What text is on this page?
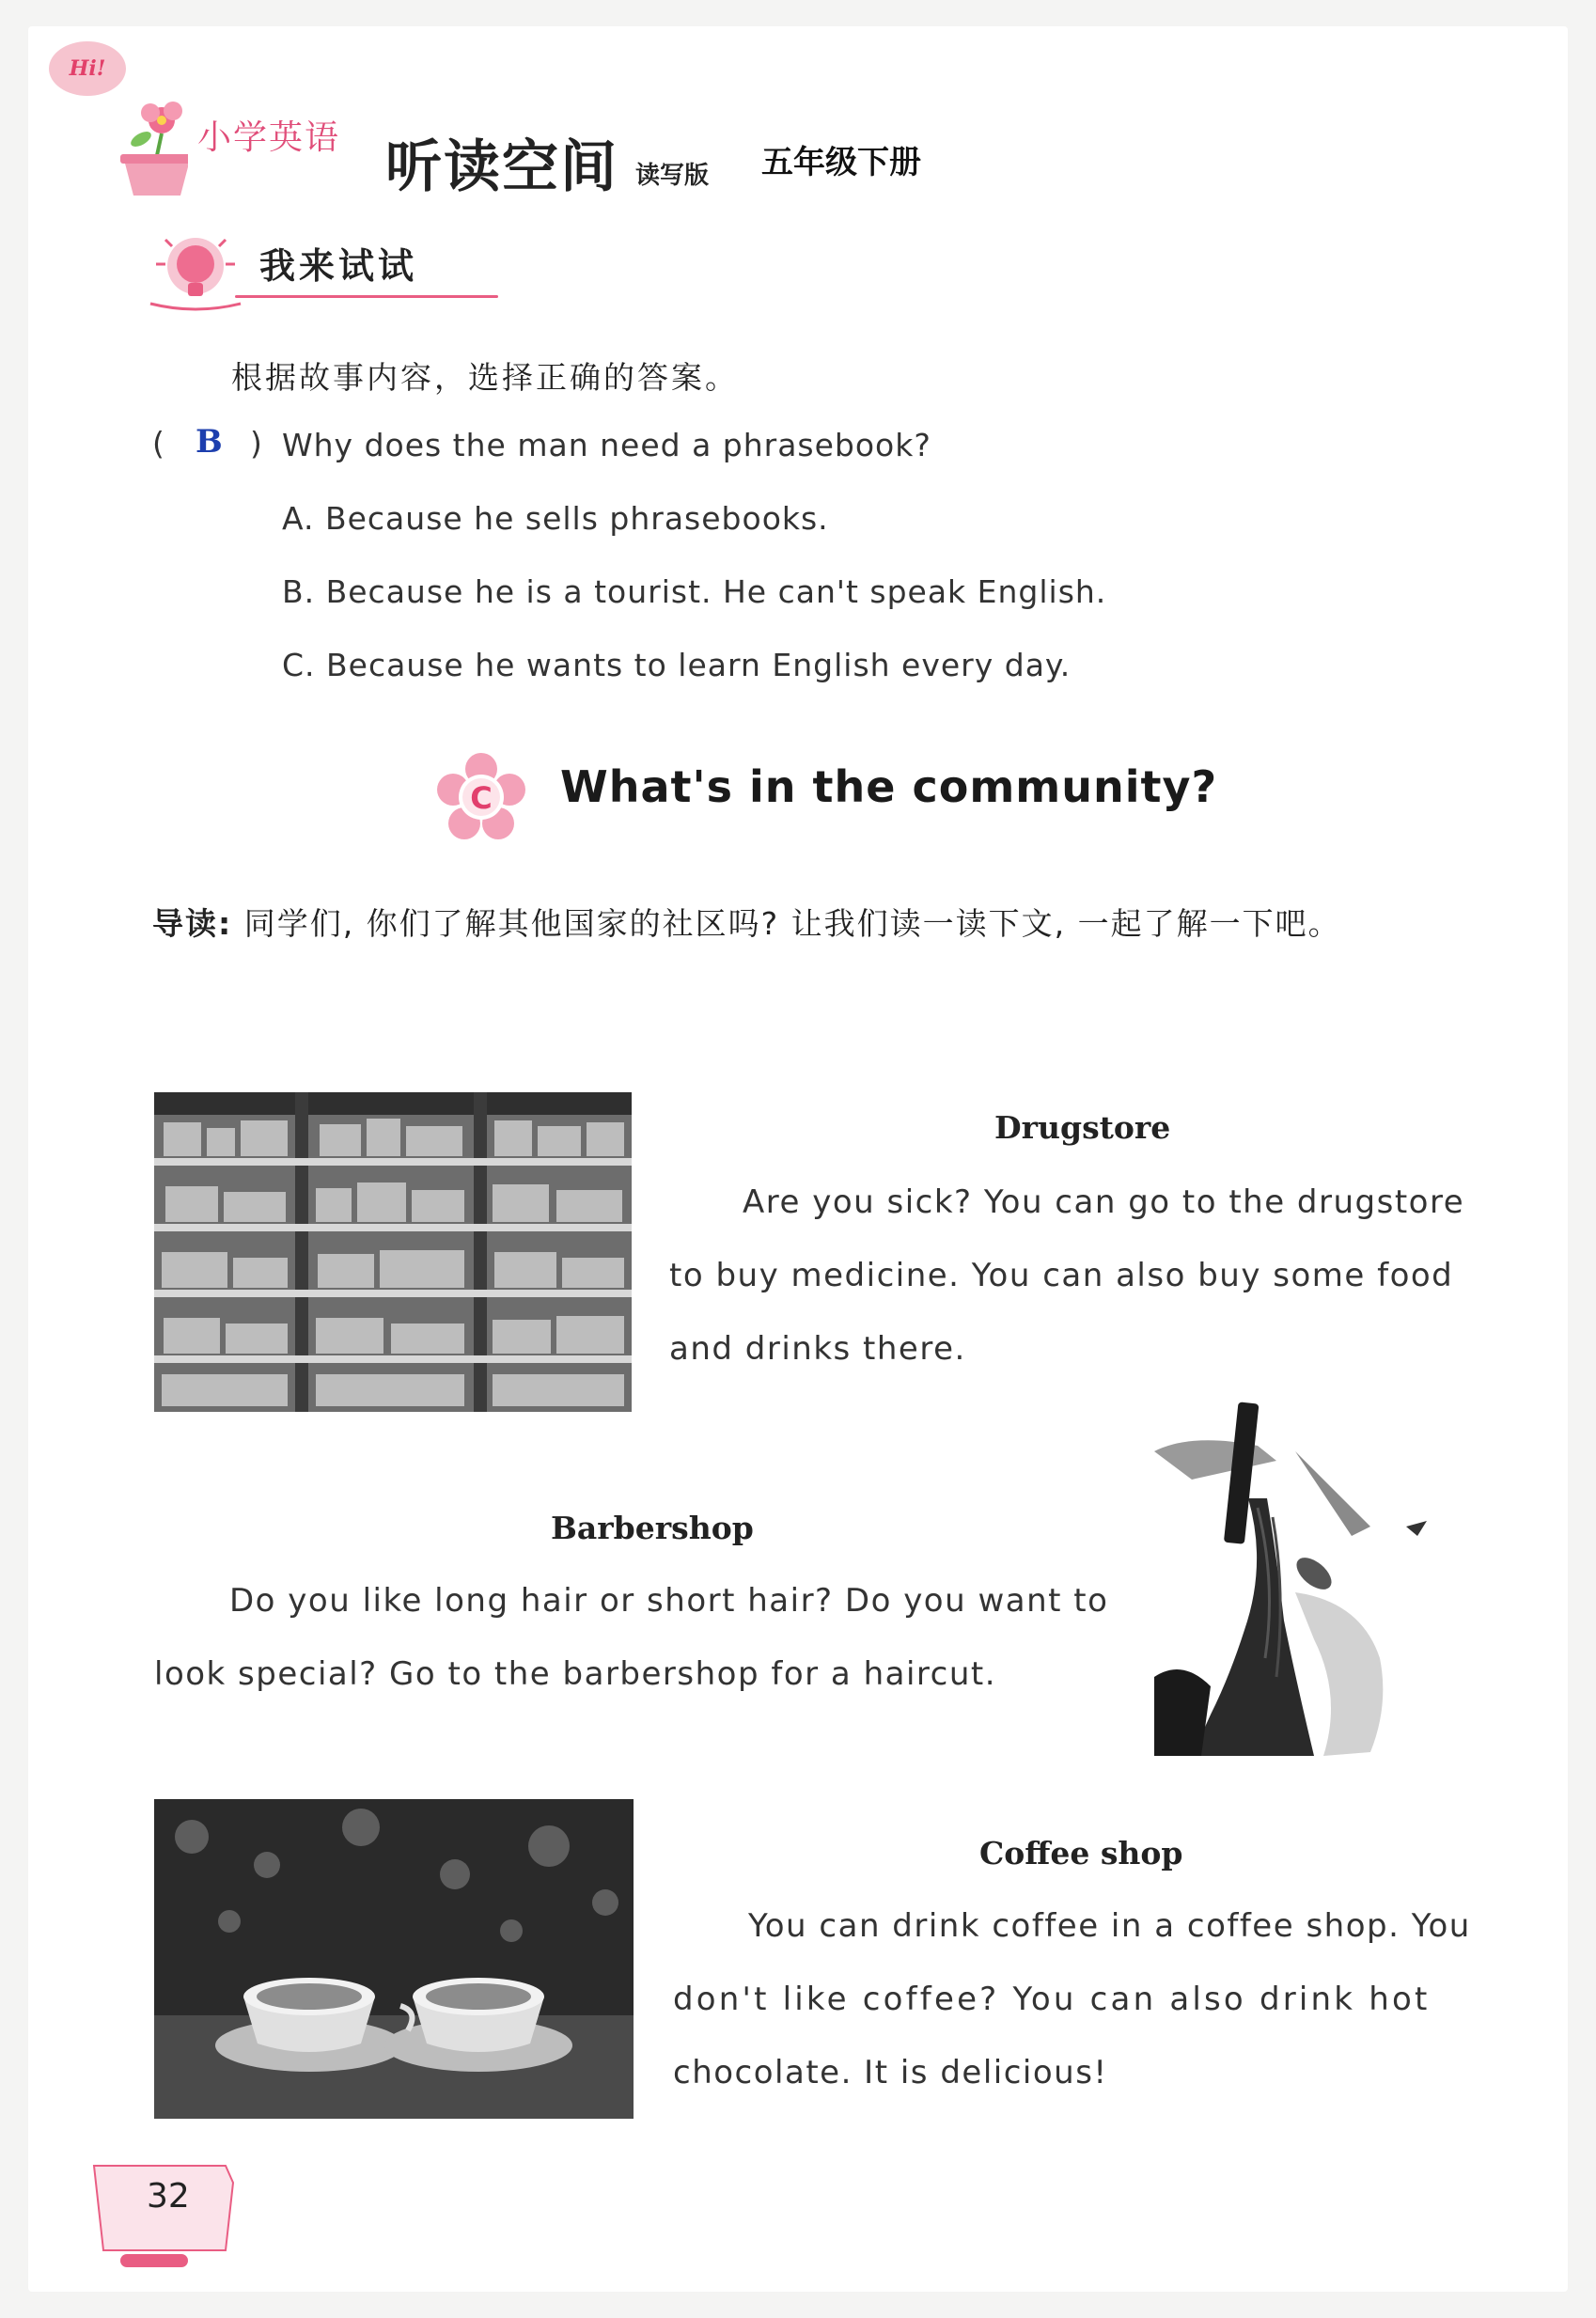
Hi!
小学英语 听读空间 读写版 五年级下册
我来试试
根据故事内容，选择正确的答案。
( B ) Why does the man need a phrasebook?
A. Because he sells phrasebooks.
B. Because he is a tourist. He can't speak English.
C. Because he wants to learn English every day.
C What's in the community?
导读: 同学们, 你们了解其他国家的社区吗? 让我们读一读下文, 一起了解一下吧。
Drugstore
Are you sick? You can go to the drugstore
to buy medicine. You can also buy some food
and drinks there.
Barbershop
Do you like long hair or short hair? Do you want to
look special? Go to the barbershop for a haircut.
Coffee shop
You can drink coffee in a coffee shop. You
don't like coffee? You can also drink hot
chocolate. It is delicious!
32
